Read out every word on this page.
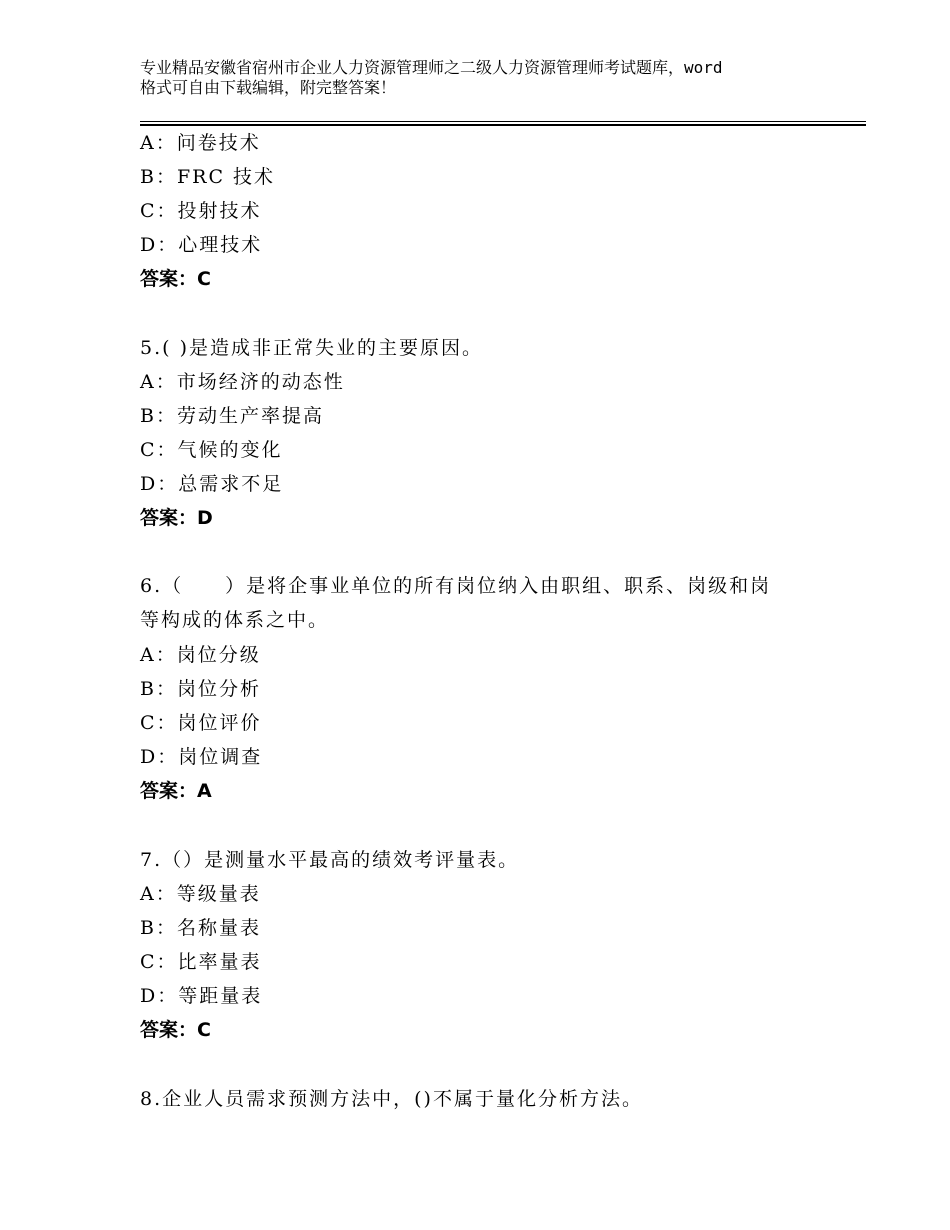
专业精品安徽省宿州市企业人力资源管理师之二级人力资源管理师考试题库，word
格式可自由下载编辑，附完整答案！
A：问卷技术
B：FRC 技术
C：投射技术
D：心理技术
答案：C
5.( )是造成非正常失业的主要原因。
A：市场经济的动态性
B：劳动生产率提高
C：气候的变化
D：总需求不足
答案：D
6.（　　）是将企事业单位的所有岗位纳入由职组、职系、岗级和岗
等构成的体系之中。
A：岗位分级
B：岗位分析
C：岗位评价
D：岗位调查
答案：A
7.（）是测量水平最高的绩效考评量表。
A：等级量表
B：名称量表
C：比率量表
D：等距量表
答案：C
8.企业人员需求预测方法中，()不属于量化分析方法。
